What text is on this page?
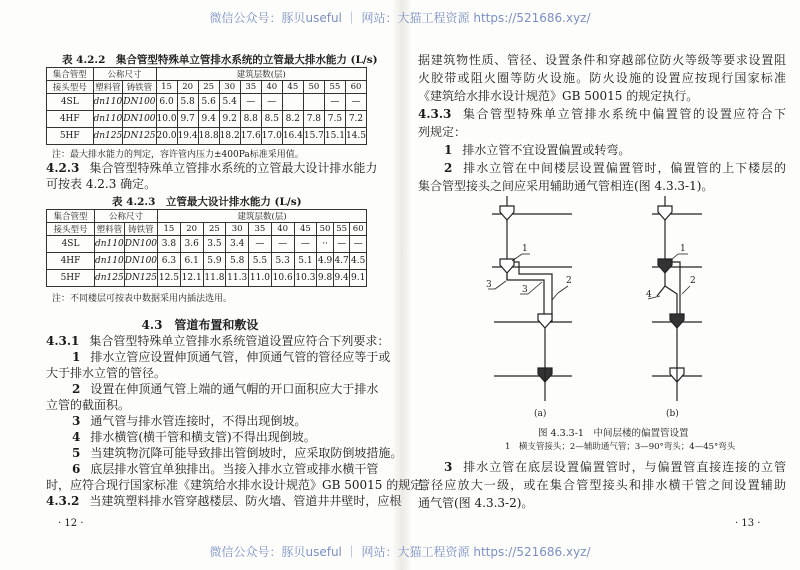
微信公众号：豚贝useful ｜ 网站：大猫工程资源 https://521686.xyz/
微信公众号：豚贝useful ｜ 网站：大猫工程资源 https://521686.xyz/
表 4.2.2　集合管型特殊单立管排水系统的立管最大排水能力 (L/s)
集合管型	公称尺寸		建筑层数(层)									
接头型号	塑料管	铸铁管	15	20	25	30	35	40	45	50	55	60
4SL	dn110	DN100	6.0	5.8	5.6	5.4	—	—			—	—
4HF	dn110	DN100	10.0	9.7	9.4	9.2	8.8	8.5	8.2	7.8	7.5	7.2
5HF	dn125	DN125	20.0	19.4	18.8	18.2	17.6	17.0	16.4	15.7	15.1	14.5
注：最大排水能力的判定，容许管内压力±400Pa标准采用值。
4.2.3 集合管型特殊单立管排水系统的立管最大设计排水能力
可按表 4.2.3 确定。
表 4.2.3　立管最大设计排水能力 (L/s)
集合管型	公称尺寸		建筑层数(层)									
接头型号	塑料管	铸铁管	15	20	25	30	35	40	45	50	55	60
4SL	dn110	DN100	3.8	3.6	3.5	3.4	—	—	—	··	—	—
4HF	dn110	DN100	6.3	6.1	5.9	5.8	5.5	5.3	5.1	4.9	4.7	4.5
5HF	dn125	DN125	12.5	12.1	11.8	11.3	11.0	10.6	10.3	9.8	9.4	9.1
注：不同楼层可按表中数据采用内插法选用。
4.3　管道布置和敷设
4.3.1 集合管型特殊单立管排水系统管道设置应符合下列要求：
1 排水立管应设置伸顶通气管，伸顶通气管的管径应等于或
大于排水立管的管径。
2 设置在伸顶通气管上端的通气帽的开口面积应大于排水
立管的截面积。
3 通气管与排水管连接时，不得出现倒坡。
4 排水横管(横干管和横支管)不得出现倒坡。
5 当建筑物沉降可能导致排出管倒坡时，应采取防倒坡措施。
6 底层排水管宜单独排出。当接入排水立管或排水横干管
时，应符合现行国家标准《建筑给水排水设计规范》GB 50015 的规定。
4.3.2 当建筑塑料排水管穿越楼层、防火墙、管道井井壁时，应根
· 12 ·
据建筑物性质、管径、设置条件和穿越部位防火等级等要求设置阻
火胶带或阻火圈等防火设施。防火设施的设置应按现行国家标准
《建筑给水排水设计规范》GB 50015 的规定执行。
4.3.3 集合管型特殊单立管排水系统中偏置管的设置应符合下
列规定：
1 排水立管不宜设置偏置或转弯。
2 排水立管在中间楼层设置偏置管时，偏置管的上下楼层的
集合管型接头之间应采用辅助通气管相连(图 4.3.3-1)。
1
2
3	3
1
2
4
(a)	(b)
图 4.3.3-1　中间层楼的偏置管设置
1　横支管接头；2—辅助通气管；3—90°弯头；4—45°弯头
3 排水立管在底层设置偏置管时，与偏置管直接连接的立管
管径应放大一级，或在集合管型接头和排水横干管之间设置辅助
通气管(图 4.3.3-2)。
· 13 ·
